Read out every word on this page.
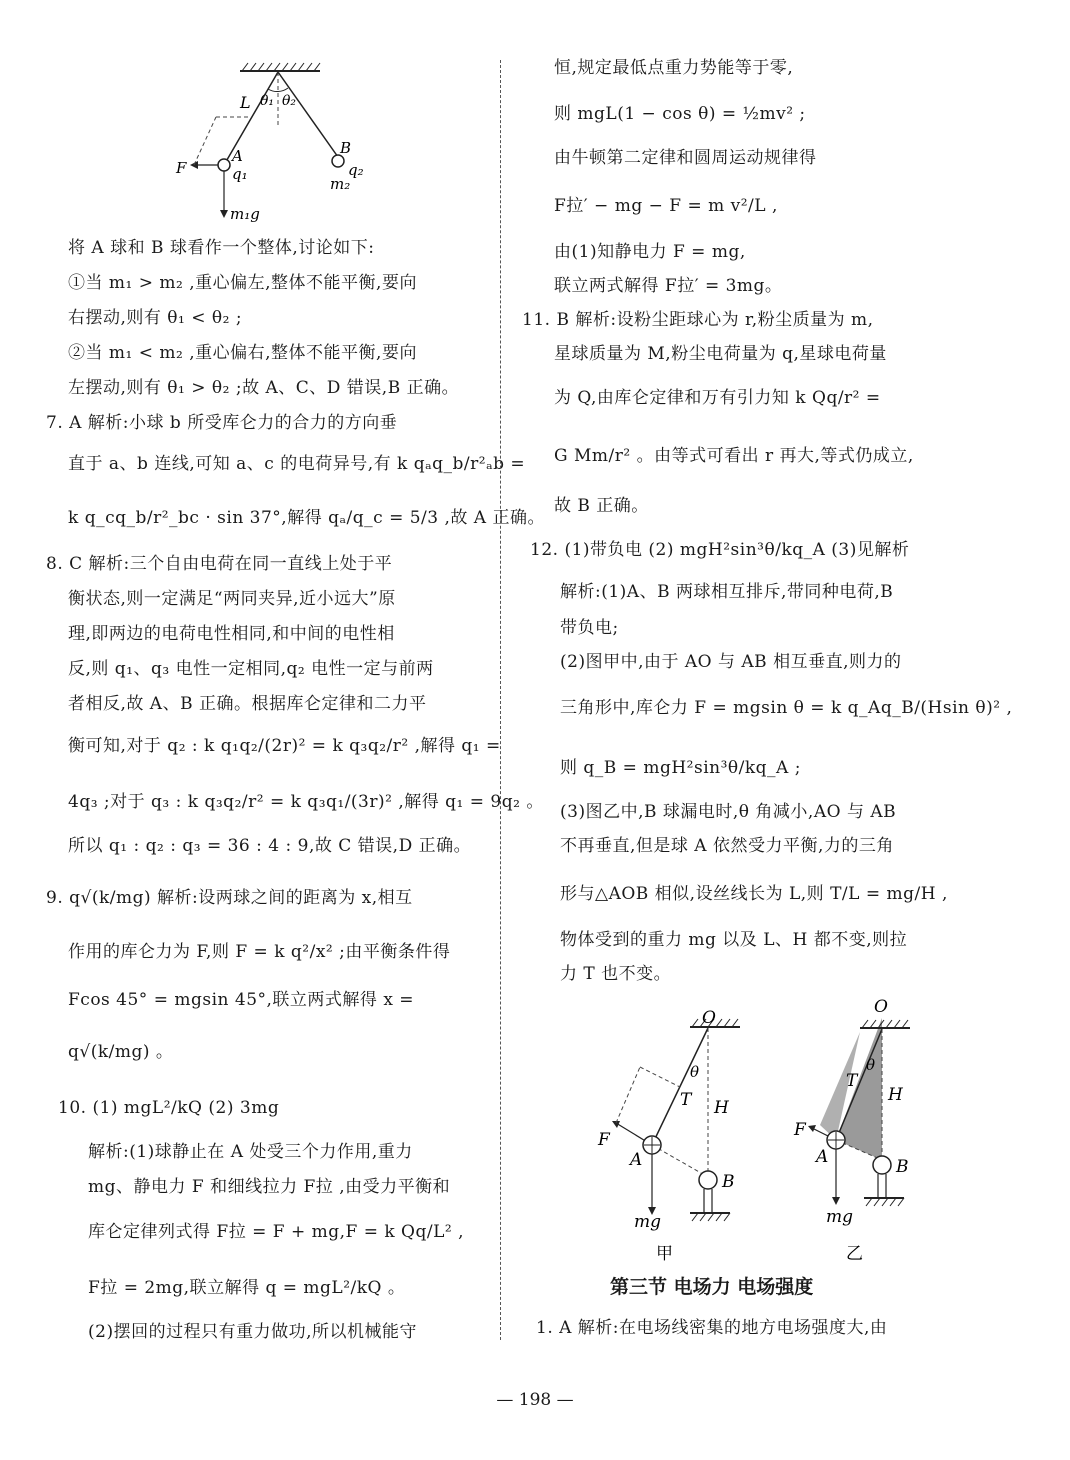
L θ₁ θ₂
A
q₁
F
B
q₂
m₂
m₁g
将 A 球和 B 球看作一个整体,讨论如下:
①当 m₁ > m₂ ,重心偏左,整体不能平衡,要向
右摆动,则有 θ₁ < θ₂ ;
②当 m₁ < m₂ ,重心偏右,整体不能平衡,要向
左摆动,则有 θ₁ > θ₂ ;故 A、C、D 错误,B 正确。
7. A 解析:小球 b 所受库仑力的合力的方向垂
直于 a、b 连线,可知 a、c 的电荷异号,有 k qₐq_b/r²ₐb =
k q_cq_b/r²_bc · sin 37°,解得 qₐ/q_c = 5/3 ,故 A 正确。
8. C 解析:三个自由电荷在同一直线上处于平
衡状态,则一定满足“两同夹异,近小远大”原
理,即两边的电荷电性相同,和中间的电性相
反,则 q₁、q₃ 电性一定相同,q₂ 电性一定与前两
者相反,故 A、B 正确。根据库仑定律和二力平
衡可知,对于 q₂ : k q₁q₂/(2r)² = k q₃q₂/r² ,解得 q₁ =
4q₃ ;对于 q₃ : k q₃q₂/r² = k q₃q₁/(3r)² ,解得 q₁ = 9q₂ 。
所以 q₁ : q₂ : q₃ = 36 : 4 : 9,故 C 错误,D 正确。
9. q√(k/mg) 解析:设两球之间的距离为 x,相互
作用的库仑力为 F,则 F = k q²/x² ;由平衡条件得
Fcos 45° = mgsin 45°,联立两式解得 x =
q√(k/mg) 。
10. (1) mgL²/kQ (2) 3mg
解析:(1)球静止在 A 处受三个力作用,重力
mg、静电力 F 和细线拉力 F拉 ,由受力平衡和
库仑定律列式得 F拉 = F + mg,F = k Qq/L² ,
F拉 = 2mg,联立解得 q = mgL²/kQ 。
(2)摆回的过程只有重力做功,所以机械能守
恒,规定最低点重力势能等于零,
则 mgL(1 − cos θ) = ½mv² ;
由牛顿第二定律和圆周运动规律得
F拉′ − mg − F = m v²/L ,
由(1)知静电力 F = mg,
联立两式解得 F拉′ = 3mg。
11. B 解析:设粉尘距球心为 r,粉尘质量为 m,
星球质量为 M,粉尘电荷量为 q,星球电荷量
为 Q,由库仑定律和万有引力知 k Qq/r² =
G Mm/r² 。由等式可看出 r 再大,等式仍成立,
故 B 正确。
12. (1)带负电 (2) mgH²sin³θ/kq_A (3)见解析
解析:(1)A、B 两球相互排斥,带同种电荷,B
带负电;
(2)图甲中,由于 AO 与 AB 相互垂直,则力的
三角形中,库仑力 F = mgsin θ = k q_Aq_B/(Hsin θ)² ,
则 q_B = mgH²sin³θ/kq_A ;
(3)图乙中,B 球漏电时,θ 角减小,AO 与 AB
不再垂直,但是球 A 依然受力平衡,力的三角
形与△AOB 相似,设丝线长为 L,则 T/L = mg/H ,
物体受到的重力 mg 以及 L、H 都不变,则拉
力 T 也不变。
O
θ
T H
F
A
B
mg
甲
O
θ
T
H
F
A	B
mg
乙
第三节 电场力 电场强度
1. A 解析:在电场线密集的地方电场强度大,由
— 198 —
